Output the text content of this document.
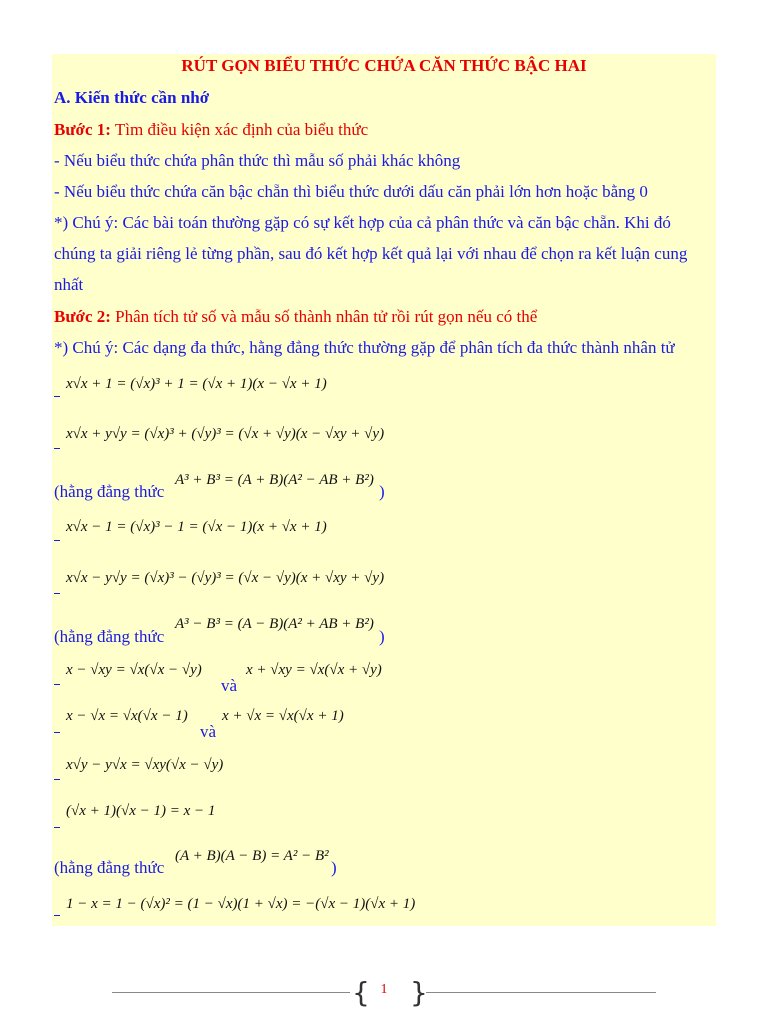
RÚT GỌN BIỂU THỨC CHỨA CĂN THỨC BẬC HAI
A. Kiến thức cần nhớ
Bước 1: Tìm điều kiện xác định của biểu thức
- Nếu biểu thức chứa phân thức thì mẫu số phải khác không
- Nếu biểu thức chứa căn bậc chẵn thì biểu thức dưới dấu căn phải lớn hơn hoặc bằng 0
*) Chú ý: Các bài toán thường gặp có sự kết hợp của cả phân thức và căn bậc chẵn. Khi đó
chúng ta giải riêng lẻ từng phần, sau đó kết hợp kết quả lại với nhau để chọn ra kết luận cung
nhất
Bước 2: Phân tích tử số và mẫu số thành nhân tử rồi rút gọn nếu có thể
*) Chú ý: Các dạng đa thức, hằng đẳng thức thường gặp để phân tích đa thức thành nhân tử
x√x + 1 = (√x)³ + 1 = (√x + 1)(x − √x + 1)
x√x + y√y = (√x)³ + (√y)³ = (√x + √y)(x − √xy + √y)
(hằng đẳng thức
A³ + B³ = (A + B)(A² − AB + B²)
)
x√x − 1 = (√x)³ − 1 = (√x − 1)(x + √x + 1)
x√x − y√y = (√x)³ − (√y)³ = (√x − √y)(x + √xy + √y)
(hằng đẳng thức
A³ − B³ = (A − B)(A² + AB + B²)
)
x − √xy = √x(√x − √y)
và
x + √xy = √x(√x + √y)
x − √x = √x(√x − 1)
và
x + √x = √x(√x + 1)
x√y − y√x = √xy(√x − √y)
(√x + 1)(√x − 1) = x − 1
(hằng đẳng thức
(A + B)(A − B) = A² − B²
)
1 − x = 1 − (√x)² = (1 − √x)(1 + √x) = −(√x − 1)(√x + 1)
{ }
1
